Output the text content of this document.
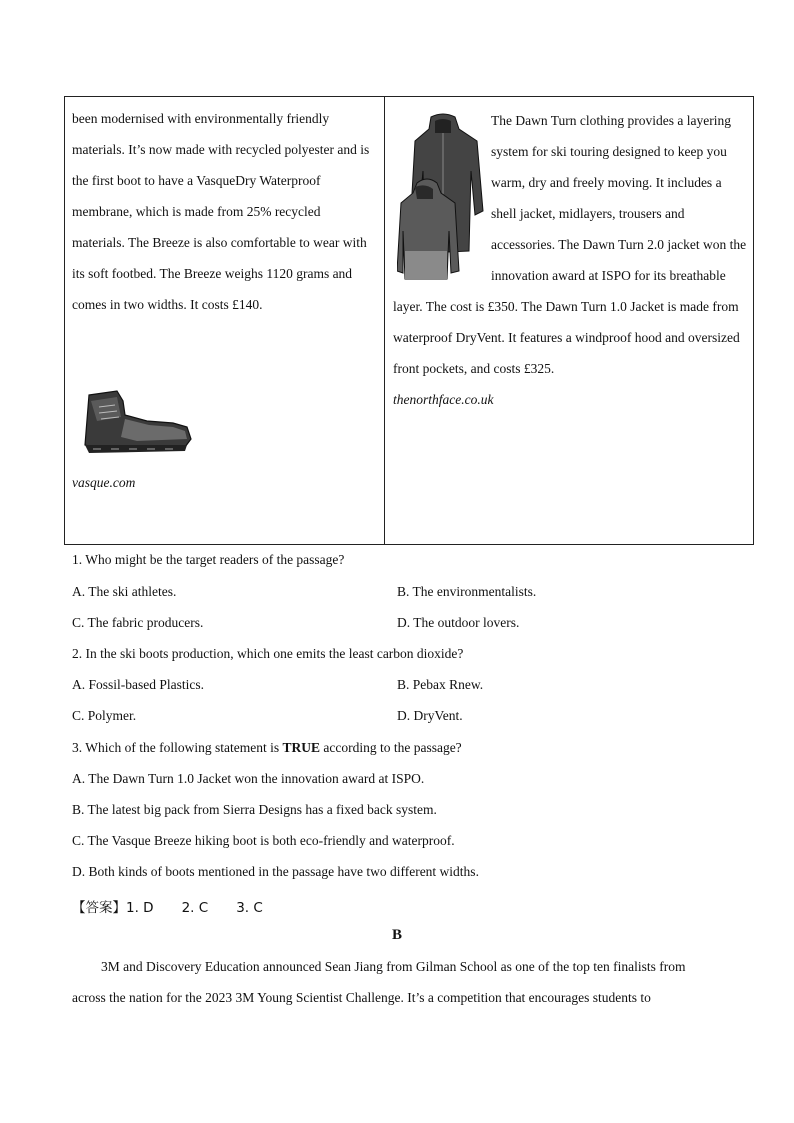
been modernised with environmentally friendly materials. It’s now made with recycled polyester and is the first boot to have a VasqueDry Waterproof membrane, which is made from 25% recycled materials. The Breeze is also comfortable to wear with its soft footbed. The Breeze weighs 1120 grams and comes in two widths. It costs £140.
vasque.com

The Dawn Turn clothing provides a layering system for ski touring designed to keep you warm, dry and freely moving. It includes a shell jacket, midlayers, trousers and accessories. The Dawn Turn 2.0 jacket won the innovation award at ISPO for its breathable layer. The cost is £350. The Dawn Turn 1.0 Jacket is made from waterproof DryVent. It features a windproof hood and oversized front pockets, and costs £325.
thenorthface.co.uk
1. Who might be the target readers of the passage?
A. The ski athletes.	B. The environmentalists.
C. The fabric producers.	D. The outdoor lovers.
2. In the ski boots production, which one emits the least carbon dioxide?
A. Fossil-based Plastics.	B. Pebax Rnew.
C. Polymer.	D. DryVent.
3. Which of the following statement is TRUE according to the passage?
A. The Dawn Turn 1.0 Jacket won the innovation award at ISPO.
B. The latest big pack from Sierra Designs has a fixed back system.
C. The Vasque Breeze hiking boot is both eco-friendly and waterproof.
D. Both kinds of boots mentioned in the passage have two different widths.
【答案】1. D 2. C 3. C
B
3M and Discovery Education announced Sean Jiang from Gilman School as one of the top ten finalists from across the nation for the 2023 3M Young Scientist Challenge. It’s a competition that encourages students to
